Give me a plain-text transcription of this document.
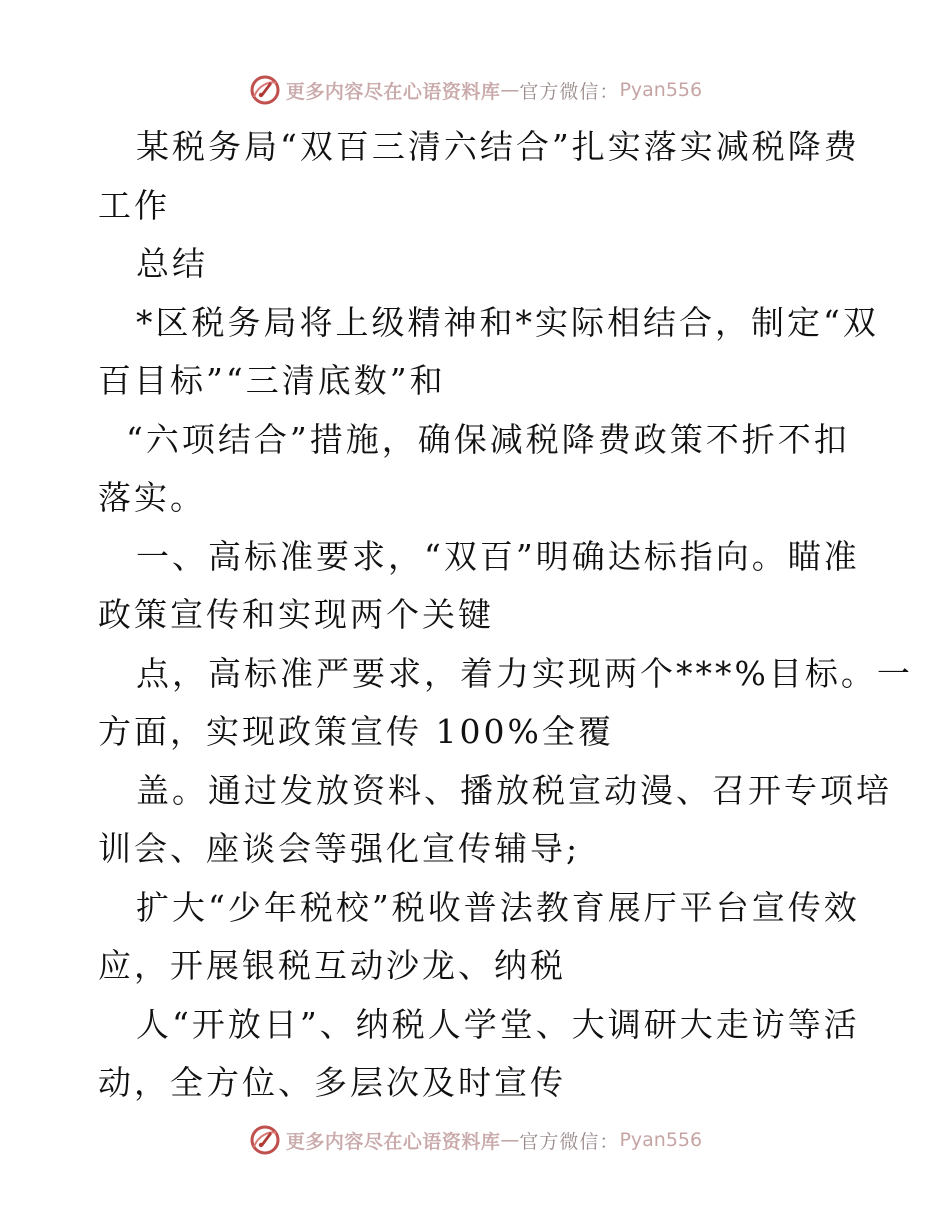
更多内容尽在心语资料库 — 官方微信： Pyan556
某税务局“双百三清六结合”扎实落实减税降费
工作
总结
*区税务局将上级精神和*实际相结合，制定“双
百目标”“三清底数”和
“六项结合”措施，确保减税降费政策不折不扣
落实。
一、高标准要求，“双百”明确达标指向。瞄准
政策宣传和实现两个关键
点，高标准严要求，着力实现两个***%目标。一
方面，实现政策宣传 100%全覆
盖。通过发放资料、播放税宣动漫、召开专项培
训会、座谈会等强化宣传辅导;
扩大“少年税校”税收普法教育展厅平台宣传效
应，开展银税互动沙龙、纳税
人“开放日”、纳税人学堂、大调研大走访等活
动，全方位、多层次及时宣传
更多内容尽在心语资料库 — 官方微信： Pyan556
